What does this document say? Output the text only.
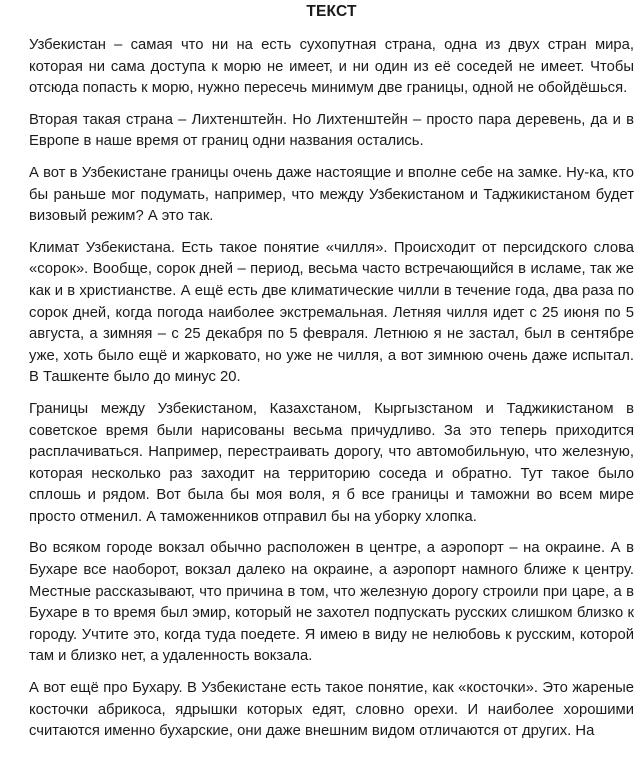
ТЕКСТ

Узбекистан – самая что ни на есть сухопутная страна, одна из двух стран мира, которая ни сама доступа к морю не имеет, и ни один из её соседей не имеет. Чтобы отсюда попасть к морю, нужно пересечь минимум две границы, одной не обойдёшься.

Вторая такая страна – Лихтенштейн. Но Лихтенштейн – просто пара деревень, да и в Европе в наше время от границ одни названия остались.

А вот в Узбекистане границы очень даже настоящие и вполне себе на замке. Ну-ка, кто бы раньше мог подумать, например, что между Узбекистаном и Таджикистаном будет визовый режим? А это так.

Климат Узбекистана. Есть такое понятие «чилля». Происходит от персидского слова «сорок». Вообще, сорок дней – период, весьма часто встречающийся в исламе, так же как и в христианстве. А ещё есть две климатические чилли в течение года, два раза по сорок дней, когда погода наиболее экстремальная. Летняя чилля идет с 25 июня по 5 августа, а зимняя – с 25 декабря по 5 февраля. Летнюю я не застал, был в сентябре уже, хоть было ещё и жарковато, но уже не чилля, а вот зимнюю очень даже испытал. В Ташкенте было до минус 20.

Границы между Узбекистаном, Казахстаном, Кыргызстаном и Таджикистаном в советское время были нарисованы весьма причудливо. За это теперь приходится расплачиваться. Например, перестраивать дорогу, что автомобильную, что железную, которая несколько раз заходит на территорию соседа и обратно. Тут такое было сплошь и рядом. Вот была бы моя воля, я б все границы и таможни во всем мире просто отменил. А таможенников отправил бы на уборку хлопка.

Во всяком городе вокзал обычно расположен в центре, а аэропорт – на окраине. А в Бухаре все наоборот, вокзал далеко на окраине, а аэропорт намного ближе к центру. Местные рассказывают, что причина в том, что железную дорогу строили при царе, а в Бухаре в то время был эмир, который не захотел подпускать русских слишком близко к городу. Учтите это, когда туда поедете. Я имею в виду не нелюбовь к русским, которой там и близко нет, а удаленность вокзала.

А вот ещё про Бухару. В Узбекистане есть такое понятие, как «косточки». Это жареные косточки абрикоса, ядрышки которых едят, словно орехи. И наиболее хорошими считаются именно бухарские, они даже внешним видом отличаются от других. На
